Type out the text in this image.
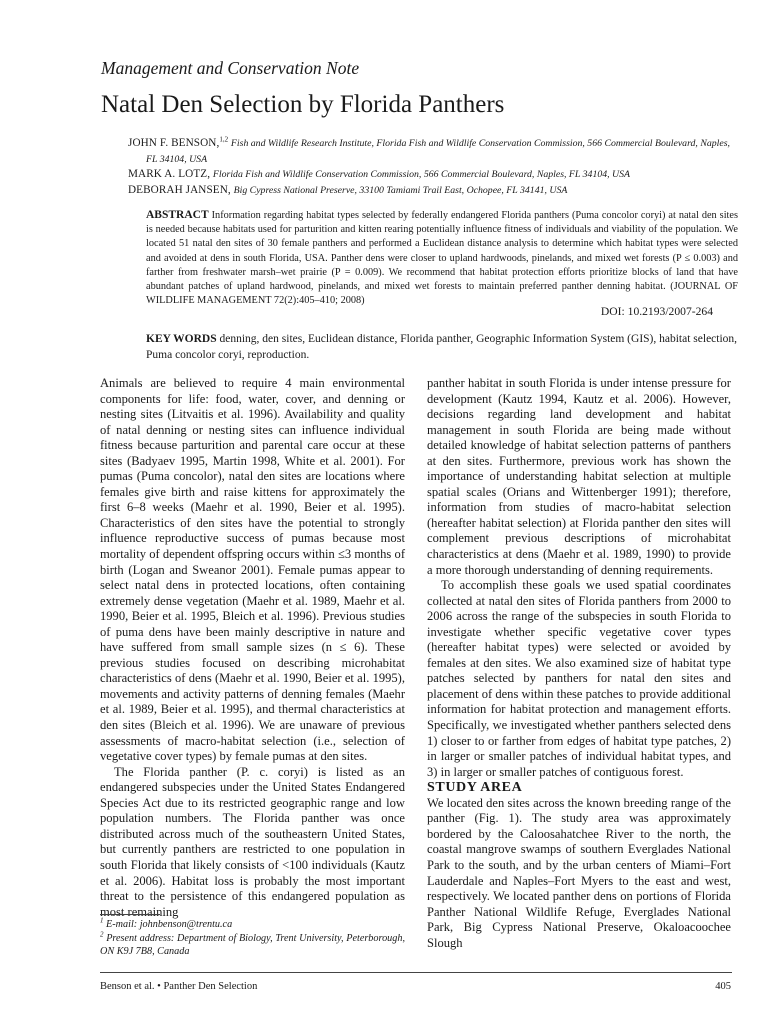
Management and Conservation Note
Natal Den Selection by Florida Panthers

JOHN F. BENSON,$^{1,2}$ Fish and Wildlife Research Institute, Florida Fish and Wildlife Conservation Commission, 566 Commercial Boulevard, Naples, FL 34104, USA

MARK A. LOTZ, Florida Fish and Wildlife Conservation Commission, 566 Commercial Boulevard, Naples, FL 34104, USA

DEBORAH JANSEN, Big Cypress National Preserve, 33100 Tamiami Trail East, Ochopee, FL 34141, USA

ABSTRACT Information regarding habitat types selected by federally endangered Florida panthers (Puma concolor coryi) at natal den sites is needed because habitats used for parturition and kitten rearing potentially influence fitness of individuals and viability of the population. We located 51 natal den sites of 30 female panthers and performed a Euclidean distance analysis to determine which habitat types were selected and avoided at dens in south Florida, USA. Panther dens were closer to upland hardwoods, pinelands, and mixed wet forests (P ≤ 0.003) and farther from freshwater marsh–wet prairie (P = 0.009). We recommend that habitat protection efforts prioritize blocks of land that have abundant patches of upland hardwood, pinelands, and mixed wet forests to maintain preferred panther denning habitat. (JOURNAL OF WILDLIFE MANAGEMENT 72(2):405–410; 2008)
DOI: 10.2193/2007-264
KEY WORDS denning, den sites, Euclidean distance, Florida panther, Geographic Information System (GIS), habitat selection, Puma concolor coryi, reproduction.

Animals are believed to require 4 main environmental components for life: food, water, cover, and denning or nesting sites (Litvaitis et al. 1996). Availability and quality of natal denning or nesting sites can influence individual fitness because parturition and parental care occur at these sites (Badyaev 1995, Martin 1998, White et al. 2001). For pumas (Puma concolor), natal den sites are locations where females give birth and raise kittens for approximately the first 6–8 weeks (Maehr et al. 1990, Beier et al. 1995). Characteristics of den sites have the potential to strongly influence reproductive success of pumas because most mortality of dependent offspring occurs within ≤3 months of birth (Logan and Sweanor 2001). Female pumas appear to select natal dens in protected locations, often containing extremely dense vegetation (Maehr et al. 1989, Maehr et al. 1990, Beier et al. 1995, Bleich et al. 1996). Previous studies of puma dens have been mainly descriptive in nature and have suffered from small sample sizes (n ≤ 6). These previous studies focused on describing microhabitat characteristics of dens (Maehr et al. 1990, Beier et al. 1995), movements and activity patterns of denning females (Maehr et al. 1989, Beier et al. 1995), and thermal characteristics at den sites (Bleich et al. 1996). We are unaware of previous assessments of macro-habitat selection (i.e., selection of vegetative cover types) by female pumas at den sites.

The Florida panther (P. c. coryi) is listed as an endangered subspecies under the United States Endangered Species Act due to its restricted geographic range and low population numbers. The Florida panther was once distributed across much of the southeastern United States, but currently panthers are restricted to one population in south Florida that likely consists of <100 individuals (Kautz et al. 2006). Habitat loss is probably the most important threat to the persistence of this endangered population as most remaining

panther habitat in south Florida is under intense pressure for development (Kautz 1994, Kautz et al. 2006). However, decisions regarding land development and habitat management in south Florida are being made without detailed knowledge of habitat selection patterns of panthers at den sites. Furthermore, previous work has shown the importance of understanding habitat selection at multiple spatial scales (Orians and Wittenberger 1991); therefore, information from studies of macro-habitat selection (hereafter habitat selection) at Florida panther den sites will complement previous descriptions of microhabitat characteristics at dens (Maehr et al. 1989, 1990) to provide a more thorough understanding of denning requirements.

To accomplish these goals we used spatial coordinates collected at natal den sites of Florida panthers from 2000 to 2006 across the range of the subspecies in south Florida to investigate whether specific vegetative cover types (hereafter habitat types) were selected or avoided by females at den sites. We also examined size of habitat type patches selected by panthers for natal den sites and placement of dens within these patches to provide additional information for habitat protection and management efforts. Specifically, we investigated whether panthers selected dens 1) closer to or farther from edges of habitat type patches, 2) in larger or smaller patches of individual habitat types, and 3) in larger or smaller patches of contiguous forest.

STUDY AREA

We located den sites across the known breeding range of the panther (Fig. 1). The study area was approximately bordered by the Caloosahatchee River to the north, the coastal mangrove swamps of southern Everglades National Park to the south, and by the urban centers of Miami–Fort Lauderdale and Naples–Fort Myers to the east and west, respectively. We located panther dens on portions of Florida Panther National Wildlife Refuge, Everglades National Park, Big Cypress National Preserve, Okaloacoochee Slough

$^1$ E-mail: johnbenson@trentu.ca

$^2$ Present address: Department of Biology, Trent University, Peterborough, ON K9J 7B8, Canada

Benson et al. • Panther Den Selection	405
